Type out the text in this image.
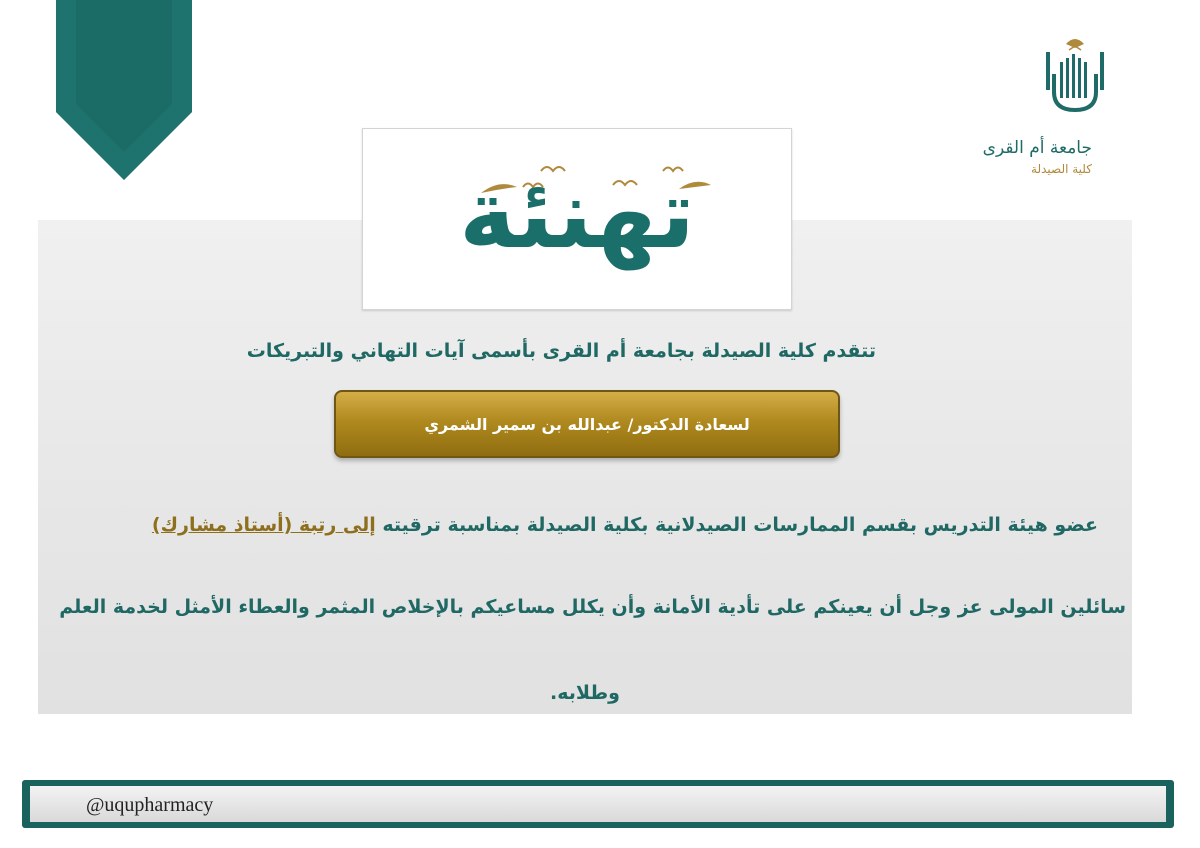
جامعة أم القرى
كلية الصيدلة
تهنئة
تتقدم كلية الصيدلة بجامعة أم القرى بأسمى آيات التهاني والتبريكات
لسعادة الدكتور/ عبدالله بن سمير الشمري
عضو هيئة التدريس بقسم الممارسات الصيدلانية بكلية الصيدلة بمناسبة ترقيته إلى رتبة (أستاذ مشارك)
سائلين المولى عز وجل أن يعينكم على تأدية الأمانة وأن يكلل مساعيكم بالإخلاص المثمر والعطاء الأمثل لخدمة العلم
وطلابه.
@uqupharmacy
